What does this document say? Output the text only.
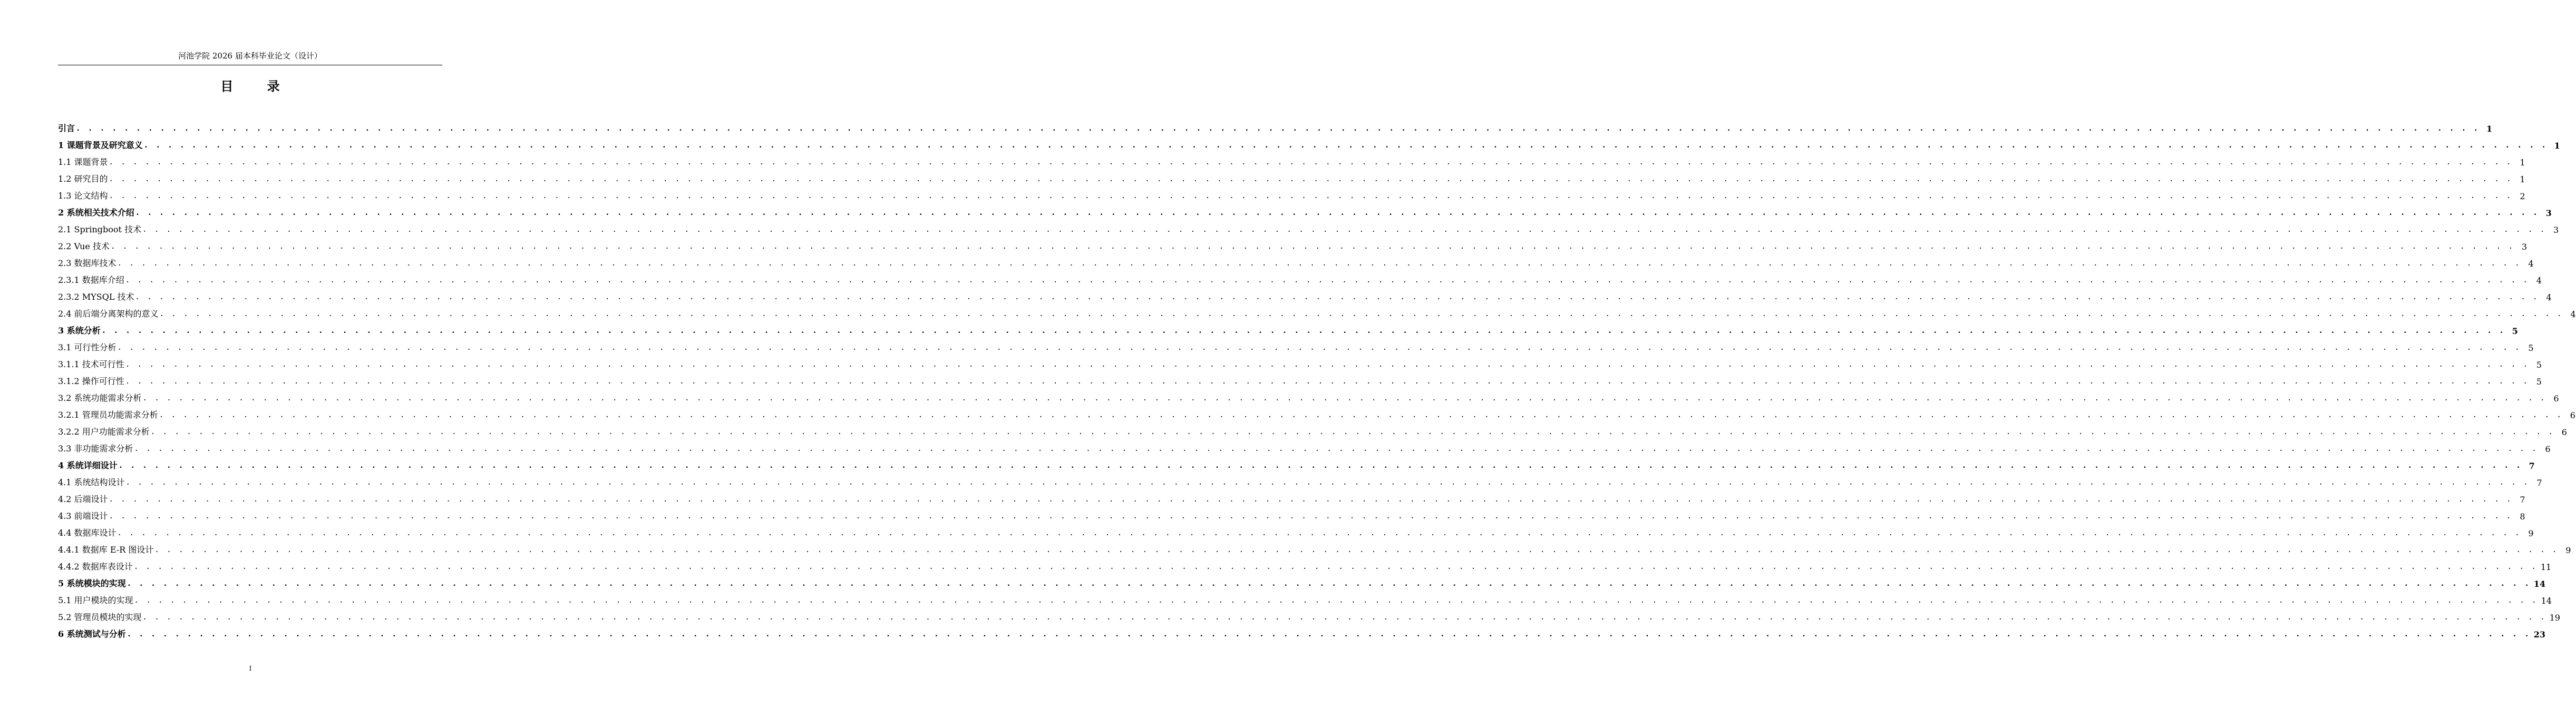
河池学院 2026 届本科毕业论文（设计）
目 录
引言 . . . . . . . . . . . . . . . . . . . . . . . . . . . . . . . . . . . . . . . . . . . . . . . . . . . . . . . . . . . . . . . . . . . . . . . . . . . . . . . . . . . . . . . . . . . . . . . . . . . . . . . . . . . . . . . . . . . . . . . . . . . . . . . . . . . . . . . . . . . . . . . . . . . . . . . . . . . . . . . . . . . . . . . . . . . . . . . . . . . . . . . . . . . . . . . . . . . . . . . . 1
1 课题背景及研究意义 . . . . . . . . . . . . . . . . . . . . . . . . . . . . . . . . . . . . . . . . . . . . . . . . . . . . . . . . . . . . . . . . . . . . . . . . . . . . . . . . . . . . . . . . . . . . . . . . . . . . . . . . . . . . . . . . . . . . . . . . . . . . . . . . . . . . . . . . . . . . . . . . . . . . . . . . . . . . . . . . . . . . . . . . . . . . . . . . . . . . . . . . . . . . . . . . . . . . . . . . 1
1.1 课题背景 . . . . . . . . . . . . . . . . . . . . . . . . . . . . . . . . . . . . . . . . . . . . . . . . . . . . . . . . . . . . . . . . . . . . . . . . . . . . . . . . . . . . . . . . . . . . . . . . . . . . . . . . . . . . . . . . . . . . . . . . . . . . . . . . . . . . . . . . . . . . . . . . . . . . . . . . . . . . . . . . . . . . . . . . . . . . . . . . . . . . . . . . . . . . . . . . . . . . . . . . 1
1.2 研究目的 . . . . . . . . . . . . . . . . . . . . . . . . . . . . . . . . . . . . . . . . . . . . . . . . . . . . . . . . . . . . . . . . . . . . . . . . . . . . . . . . . . . . . . . . . . . . . . . . . . . . . . . . . . . . . . . . . . . . . . . . . . . . . . . . . . . . . . . . . . . . . . . . . . . . . . . . . . . . . . . . . . . . . . . . . . . . . . . . . . . . . . . . . . . . . . . . . . . . . . . . 1
1.3 论文结构 . . . . . . . . . . . . . . . . . . . . . . . . . . . . . . . . . . . . . . . . . . . . . . . . . . . . . . . . . . . . . . . . . . . . . . . . . . . . . . . . . . . . . . . . . . . . . . . . . . . . . . . . . . . . . . . . . . . . . . . . . . . . . . . . . . . . . . . . . . . . . . . . . . . . . . . . . . . . . . . . . . . . . . . . . . . . . . . . . . . . . . . . . . . . . . . . . . . . . . . . 2
2 系统相关技术介绍 . . . . . . . . . . . . . . . . . . . . . . . . . . . . . . . . . . . . . . . . . . . . . . . . . . . . . . . . . . . . . . . . . . . . . . . . . . . . . . . . . . . . . . . . . . . . . . . . . . . . . . . . . . . . . . . . . . . . . . . . . . . . . . . . . . . . . . . . . . . . . . . . . . . . . . . . . . . . . . . . . . . . . . . . . . . . . . . . . . . . . . . . . . . . . . . . . . . . . . . . 3
2.1 Springboot 技术 . . . . . . . . . . . . . . . . . . . . . . . . . . . . . . . . . . . . . . . . . . . . . . . . . . . . . . . . . . . . . . . . . . . . . . . . . . . . . . . . . . . . . . . . . . . . . . . . . . . . . . . . . . . . . . . . . . . . . . . . . . . . . . . . . . . . . . . . . . . . . . . . . . . . . . . . . . . . . . . . . . . . . . . . . . . . . . . . . . . . . . . . . . . . . . . . . . . . . . . . 3
2.2 Vue 技术 . . . . . . . . . . . . . . . . . . . . . . . . . . . . . . . . . . . . . . . . . . . . . . . . . . . . . . . . . . . . . . . . . . . . . . . . . . . . . . . . . . . . . . . . . . . . . . . . . . . . . . . . . . . . . . . . . . . . . . . . . . . . . . . . . . . . . . . . . . . . . . . . . . . . . . . . . . . . . . . . . . . . . . . . . . . . . . . . . . . . . . . . . . . . . . . . . . . . . . . . 3
2.3 数据库技术 . . . . . . . . . . . . . . . . . . . . . . . . . . . . . . . . . . . . . . . . . . . . . . . . . . . . . . . . . . . . . . . . . . . . . . . . . . . . . . . . . . . . . . . . . . . . . . . . . . . . . . . . . . . . . . . . . . . . . . . . . . . . . . . . . . . . . . . . . . . . . . . . . . . . . . . . . . . . . . . . . . . . . . . . . . . . . . . . . . . . . . . . . . . . . . . . . . . . . . . . 4
2.3.1 数据库介绍 . . . . . . . . . . . . . . . . . . . . . . . . . . . . . . . . . . . . . . . . . . . . . . . . . . . . . . . . . . . . . . . . . . . . . . . . . . . . . . . . . . . . . . . . . . . . . . . . . . . . . . . . . . . . . . . . . . . . . . . . . . . . . . . . . . . . . . . . . . . . . . . . . . . . . . . . . . . . . . . . . . . . . . . . . . . . . . . . . . . . . . . . . . . . . . . . . . . . . . . . 4
2.3.2 MYSQL 技术 . . . . . . . . . . . . . . . . . . . . . . . . . . . . . . . . . . . . . . . . . . . . . . . . . . . . . . . . . . . . . . . . . . . . . . . . . . . . . . . . . . . . . . . . . . . . . . . . . . . . . . . . . . . . . . . . . . . . . . . . . . . . . . . . . . . . . . . . . . . . . . . . . . . . . . . . . . . . . . . . . . . . . . . . . . . . . . . . . . . . . . . . . . . . . . . . . . . . . . . . 4
2.4 前后端分离架构的意义 . . . . . . . . . . . . . . . . . . . . . . . . . . . . . . . . . . . . . . . . . . . . . . . . . . . . . . . . . . . . . . . . . . . . . . . . . . . . . . . . . . . . . . . . . . . . . . . . . . . . . . . . . . . . . . . . . . . . . . . . . . . . . . . . . . . . . . . . . . . . . . . . . . . . . . . . . . . . . . . . . . . . . . . . . . . . . . . . . . . . . . . . . . . . . . . . . . . . . . . . 4
3 系统分析 . . . . . . . . . . . . . . . . . . . . . . . . . . . . . . . . . . . . . . . . . . . . . . . . . . . . . . . . . . . . . . . . . . . . . . . . . . . . . . . . . . . . . . . . . . . . . . . . . . . . . . . . . . . . . . . . . . . . . . . . . . . . . . . . . . . . . . . . . . . . . . . . . . . . . . . . . . . . . . . . . . . . . . . . . . . . . . . . . . . . . . . . . . . . . . . . . . . . . . . . 5
3.1 可行性分析 . . . . . . . . . . . . . . . . . . . . . . . . . . . . . . . . . . . . . . . . . . . . . . . . . . . . . . . . . . . . . . . . . . . . . . . . . . . . . . . . . . . . . . . . . . . . . . . . . . . . . . . . . . . . . . . . . . . . . . . . . . . . . . . . . . . . . . . . . . . . . . . . . . . . . . . . . . . . . . . . . . . . . . . . . . . . . . . . . . . . . . . . . . . . . . . . . . . . . . . . 5
3.1.1 技术可行性 . . . . . . . . . . . . . . . . . . . . . . . . . . . . . . . . . . . . . . . . . . . . . . . . . . . . . . . . . . . . . . . . . . . . . . . . . . . . . . . . . . . . . . . . . . . . . . . . . . . . . . . . . . . . . . . . . . . . . . . . . . . . . . . . . . . . . . . . . . . . . . . . . . . . . . . . . . . . . . . . . . . . . . . . . . . . . . . . . . . . . . . . . . . . . . . . . . . . . . . . 5
3.1.2 操作可行性 . . . . . . . . . . . . . . . . . . . . . . . . . . . . . . . . . . . . . . . . . . . . . . . . . . . . . . . . . . . . . . . . . . . . . . . . . . . . . . . . . . . . . . . . . . . . . . . . . . . . . . . . . . . . . . . . . . . . . . . . . . . . . . . . . . . . . . . . . . . . . . . . . . . . . . . . . . . . . . . . . . . . . . . . . . . . . . . . . . . . . . . . . . . . . . . . . . . . . . . . 5
3.2 系统功能需求分析 . . . . . . . . . . . . . . . . . . . . . . . . . . . . . . . . . . . . . . . . . . . . . . . . . . . . . . . . . . . . . . . . . . . . . . . . . . . . . . . . . . . . . . . . . . . . . . . . . . . . . . . . . . . . . . . . . . . . . . . . . . . . . . . . . . . . . . . . . . . . . . . . . . . . . . . . . . . . . . . . . . . . . . . . . . . . . . . . . . . . . . . . . . . . . . . . . . . . . . . . 6
3.2.1 管理员功能需求分析 . . . . . . . . . . . . . . . . . . . . . . . . . . . . . . . . . . . . . . . . . . . . . . . . . . . . . . . . . . . . . . . . . . . . . . . . . . . . . . . . . . . . . . . . . . . . . . . . . . . . . . . . . . . . . . . . . . . . . . . . . . . . . . . . . . . . . . . . . . . . . . . . . . . . . . . . . . . . . . . . . . . . . . . . . . . . . . . . . . . . . . . . . . . . . . . . . . . . . . . . 6
3.2.2 用户功能需求分析 . . . . . . . . . . . . . . . . . . . . . . . . . . . . . . . . . . . . . . . . . . . . . . . . . . . . . . . . . . . . . . . . . . . . . . . . . . . . . . . . . . . . . . . . . . . . . . . . . . . . . . . . . . . . . . . . . . . . . . . . . . . . . . . . . . . . . . . . . . . . . . . . . . . . . . . . . . . . . . . . . . . . . . . . . . . . . . . . . . . . . . . . . . . . . . . . . . . . . . . . 6
3.3 非功能需求分析 . . . . . . . . . . . . . . . . . . . . . . . . . . . . . . . . . . . . . . . . . . . . . . . . . . . . . . . . . . . . . . . . . . . . . . . . . . . . . . . . . . . . . . . . . . . . . . . . . . . . . . . . . . . . . . . . . . . . . . . . . . . . . . . . . . . . . . . . . . . . . . . . . . . . . . . . . . . . . . . . . . . . . . . . . . . . . . . . . . . . . . . . . . . . . . . . . . . . . . . . 6
4 系统详细设计 . . . . . . . . . . . . . . . . . . . . . . . . . . . . . . . . . . . . . . . . . . . . . . . . . . . . . . . . . . . . . . . . . . . . . . . . . . . . . . . . . . . . . . . . . . . . . . . . . . . . . . . . . . . . . . . . . . . . . . . . . . . . . . . . . . . . . . . . . . . . . . . . . . . . . . . . . . . . . . . . . . . . . . . . . . . . . . . . . . . . . . . . . . . . . . . . . . . . . . . . 7
4.1 系统结构设计 . . . . . . . . . . . . . . . . . . . . . . . . . . . . . . . . . . . . . . . . . . . . . . . . . . . . . . . . . . . . . . . . . . . . . . . . . . . . . . . . . . . . . . . . . . . . . . . . . . . . . . . . . . . . . . . . . . . . . . . . . . . . . . . . . . . . . . . . . . . . . . . . . . . . . . . . . . . . . . . . . . . . . . . . . . . . . . . . . . . . . . . . . . . . . . . . . . . . . . . . 7
4.2 后端设计 . . . . . . . . . . . . . . . . . . . . . . . . . . . . . . . . . . . . . . . . . . . . . . . . . . . . . . . . . . . . . . . . . . . . . . . . . . . . . . . . . . . . . . . . . . . . . . . . . . . . . . . . . . . . . . . . . . . . . . . . . . . . . . . . . . . . . . . . . . . . . . . . . . . . . . . . . . . . . . . . . . . . . . . . . . . . . . . . . . . . . . . . . . . . . . . . . . . . . . . . 7
4.3 前端设计 . . . . . . . . . . . . . . . . . . . . . . . . . . . . . . . . . . . . . . . . . . . . . . . . . . . . . . . . . . . . . . . . . . . . . . . . . . . . . . . . . . . . . . . . . . . . . . . . . . . . . . . . . . . . . . . . . . . . . . . . . . . . . . . . . . . . . . . . . . . . . . . . . . . . . . . . . . . . . . . . . . . . . . . . . . . . . . . . . . . . . . . . . . . . . . . . . . . . . . . . 8
4.4 数据库设计 . . . . . . . . . . . . . . . . . . . . . . . . . . . . . . . . . . . . . . . . . . . . . . . . . . . . . . . . . . . . . . . . . . . . . . . . . . . . . . . . . . . . . . . . . . . . . . . . . . . . . . . . . . . . . . . . . . . . . . . . . . . . . . . . . . . . . . . . . . . . . . . . . . . . . . . . . . . . . . . . . . . . . . . . . . . . . . . . . . . . . . . . . . . . . . . . . . . . . . . . 9
4.4.1 数据库 E-R 图设计 . . . . . . . . . . . . . . . . . . . . . . . . . . . . . . . . . . . . . . . . . . . . . . . . . . . . . . . . . . . . . . . . . . . . . . . . . . . . . . . . . . . . . . . . . . . . . . . . . . . . . . . . . . . . . . . . . . . . . . . . . . . . . . . . . . . . . . . . . . . . . . . . . . . . . . . . . . . . . . . . . . . . . . . . . . . . . . . . . . . . . . . . . . . . . . . . . . . . . . . . 9
4.4.2 数据库表设计 . . . . . . . . . . . . . . . . . . . . . . . . . . . . . . . . . . . . . . . . . . . . . . . . . . . . . . . . . . . . . . . . . . . . . . . . . . . . . . . . . . . . . . . . . . . . . . . . . . . . . . . . . . . . . . . . . . . . . . . . . . . . . . . . . . . . . . . . . . . . . . . . . . . . . . . . . . . . . . . . . . . . . . . . . . . . . . . . . . . . . . . . . . . . . . . . . . . . . . . . 11
5 系统模块的实现 . . . . . . . . . . . . . . . . . . . . . . . . . . . . . . . . . . . . . . . . . . . . . . . . . . . . . . . . . . . . . . . . . . . . . . . . . . . . . . . . . . . . . . . . . . . . . . . . . . . . . . . . . . . . . . . . . . . . . . . . . . . . . . . . . . . . . . . . . . . . . . . . . . . . . . . . . . . . . . . . . . . . . . . . . . . . . . . . . . . . . . . . . . . . . . . . . . . . . . . . 14
5.1 用户模块的实现 . . . . . . . . . . . . . . . . . . . . . . . . . . . . . . . . . . . . . . . . . . . . . . . . . . . . . . . . . . . . . . . . . . . . . . . . . . . . . . . . . . . . . . . . . . . . . . . . . . . . . . . . . . . . . . . . . . . . . . . . . . . . . . . . . . . . . . . . . . . . . . . . . . . . . . . . . . . . . . . . . . . . . . . . . . . . . . . . . . . . . . . . . . . . . . . . . . . . . . . . 14
5.2 管理员模块的实现 . . . . . . . . . . . . . . . . . . . . . . . . . . . . . . . . . . . . . . . . . . . . . . . . . . . . . . . . . . . . . . . . . . . . . . . . . . . . . . . . . . . . . . . . . . . . . . . . . . . . . . . . . . . . . . . . . . . . . . . . . . . . . . . . . . . . . . . . . . . . . . . . . . . . . . . . . . . . . . . . . . . . . . . . . . . . . . . . . . . . . . . . . . . . . . . . . . . . . . . . 19
6 系统测试与分析 . . . . . . . . . . . . . . . . . . . . . . . . . . . . . . . . . . . . . . . . . . . . . . . . . . . . . . . . . . . . . . . . . . . . . . . . . . . . . . . . . . . . . . . . . . . . . . . . . . . . . . . . . . . . . . . . . . . . . . . . . . . . . . . . . . . . . . . . . . . . . . . . . . . . . . . . . . . . . . . . . . . . . . . . . . . . . . . . . . . . . . . . . . . . . . . . . . . . . . . . 23
I
